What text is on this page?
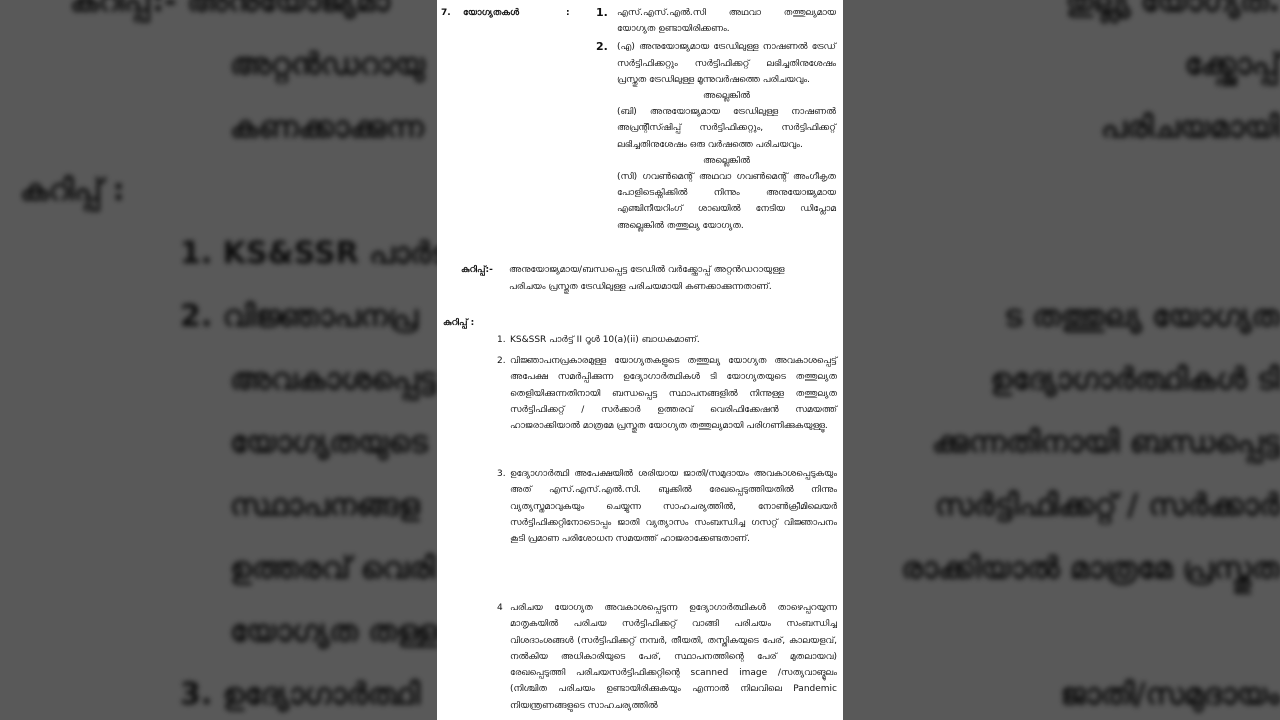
7. യോഗ്യതകൾ	: 1. എസ്.എസ്.എൽ.സി അഥവാ തത്തുല്യമായ യോഗ്യത ഉണ്ടായിരിക്കണം.
2. (എ) അനുയോജ്യമായ ട്രേഡിലുള്ള നാഷണൽ ട്രേഡ് സർട്ടിഫിക്കറ്റും സർട്ടിഫിക്കറ്റ് ലഭിച്ചതിനുശേഷം പ്രസ്തുത ട്രേഡിലുള്ള മൂന്നുവർഷത്തെ പരിചയവും.
അല്ലെങ്കിൽ
(ബി) അനുയോജ്യമായ ട്രേഡിലുള്ള നാഷണൽ അപ്രന്റീസ്ഷിപ്പ് സർട്ടിഫിക്കറ്റും, സർട്ടിഫിക്കറ്റ് ലഭിച്ചതിനുശേഷം ഒരു വർഷത്തെ പരിചയവും.
അല്ലെങ്കിൽ
(സി) ഗവൺമെന്റ് അഥവാ ഗവൺമെന്റ് അംഗീകൃത പോളിടെക്നിക്കിൽ നിന്നും അനുയോജ്യമായ എഞ്ചിനീയറിംഗ് ശാഖയിൽ നേടിയ ഡിപ്ലോമ അല്ലെങ്കിൽ തത്തുല്യ യോഗ്യത.
കുറിപ്പ്:- അനുയോജ്യമായ/ബന്ധപ്പെട്ട ട്രേഡിൽ വർക്ക്ഷോപ്പ് അറ്റൻഡറായുള്ള പരിചയം പ്രസ്തുത ട്രേഡിലുള്ള പരിചയമായി കണക്കാക്കുന്നതാണ്.
കുറിപ്പ് :
1. KS&SSR പാർട്ട് II റൂൾ 10(a)(ii) ബാധകമാണ്.
2. വിജ്ഞാപനപ്രകാരമുള്ള യോഗ്യതകളുടെ തത്തുല്യ യോഗ്യത അവകാശപ്പെട്ട് അപേക്ഷ സമർപ്പിക്കുന്ന ഉദ്യോഗാർത്ഥികൾ ടി യോഗ്യതയുടെ തത്തുല്യത തെളിയിക്കുന്നതിനായി ബന്ധപ്പെട്ട സ്ഥാപനങ്ങളിൽ നിന്നുള്ള തത്തുല്യത സർട്ടിഫിക്കറ്റ് / സർക്കാർ ഉത്തരവ് വെരിഫിക്കേഷൻ സമയത്ത് ഹാജരാക്കിയാൽ മാത്രമേ പ്രസ്തുത യോഗ്യത തത്തുല്യമായി പരിഗണിക്കുകയുള്ളൂ.
3. ഉദ്യോഗാർത്ഥി അപേക്ഷയിൽ ശരിയായ ജാതി/സമുദായം അവകാശപ്പെടുകയും അത് എസ്.എസ്.എൽ.സി. ബുക്കിൽ രേഖപ്പെടുത്തിയതിൽ നിന്നും വ്യത്യസ്തമാവുകയും ചെയ്യുന്ന സാഹചര്യത്തിൽ, നോൺക്രീമിലെയർ സർട്ടിഫിക്കറ്റിനോടൊപ്പം ജാതി വ്യത്യാസം സംബന്ധിച്ച ഗസറ്റ് വിജ്ഞാപനം കൂടി പ്രമാണ പരിശോധന സമയത്ത് ഹാജരാക്കേണ്ടതാണ്.
4 പരിചയ യോഗ്യത അവകാശപ്പെടുന്ന ഉദ്യോഗാർത്ഥികൾ താഴെപ്പറയുന്ന മാതൃകയിൽ പരിചയ സർട്ടിഫിക്കറ്റ് വാങ്ങി പരിചയം സംബന്ധിച്ച വിശദാംശങ്ങൾ (സർട്ടിഫിക്കറ്റ് നമ്പർ, തീയതി, തസ്തികയുടെ പേര്, കാലയളവ്, നൽകിയ അധികാരിയുടെ പേര്, സ്ഥാപനത്തിന്റെ പേര് മുതലായവ) രേഖപ്പെടുത്തി പരിചയസർട്ടിഫിക്കറ്റിന്റെ scanned image /സത്യവാങ്മൂലം (നിശ്ചിത പരിചയം ഉണ്ടായിരിക്കുകയും എന്നാൽ നിലവിലെ Pandemic നിയന്ത്രണങ്ങളുടെ സാഹചര്യത്തിൽ
